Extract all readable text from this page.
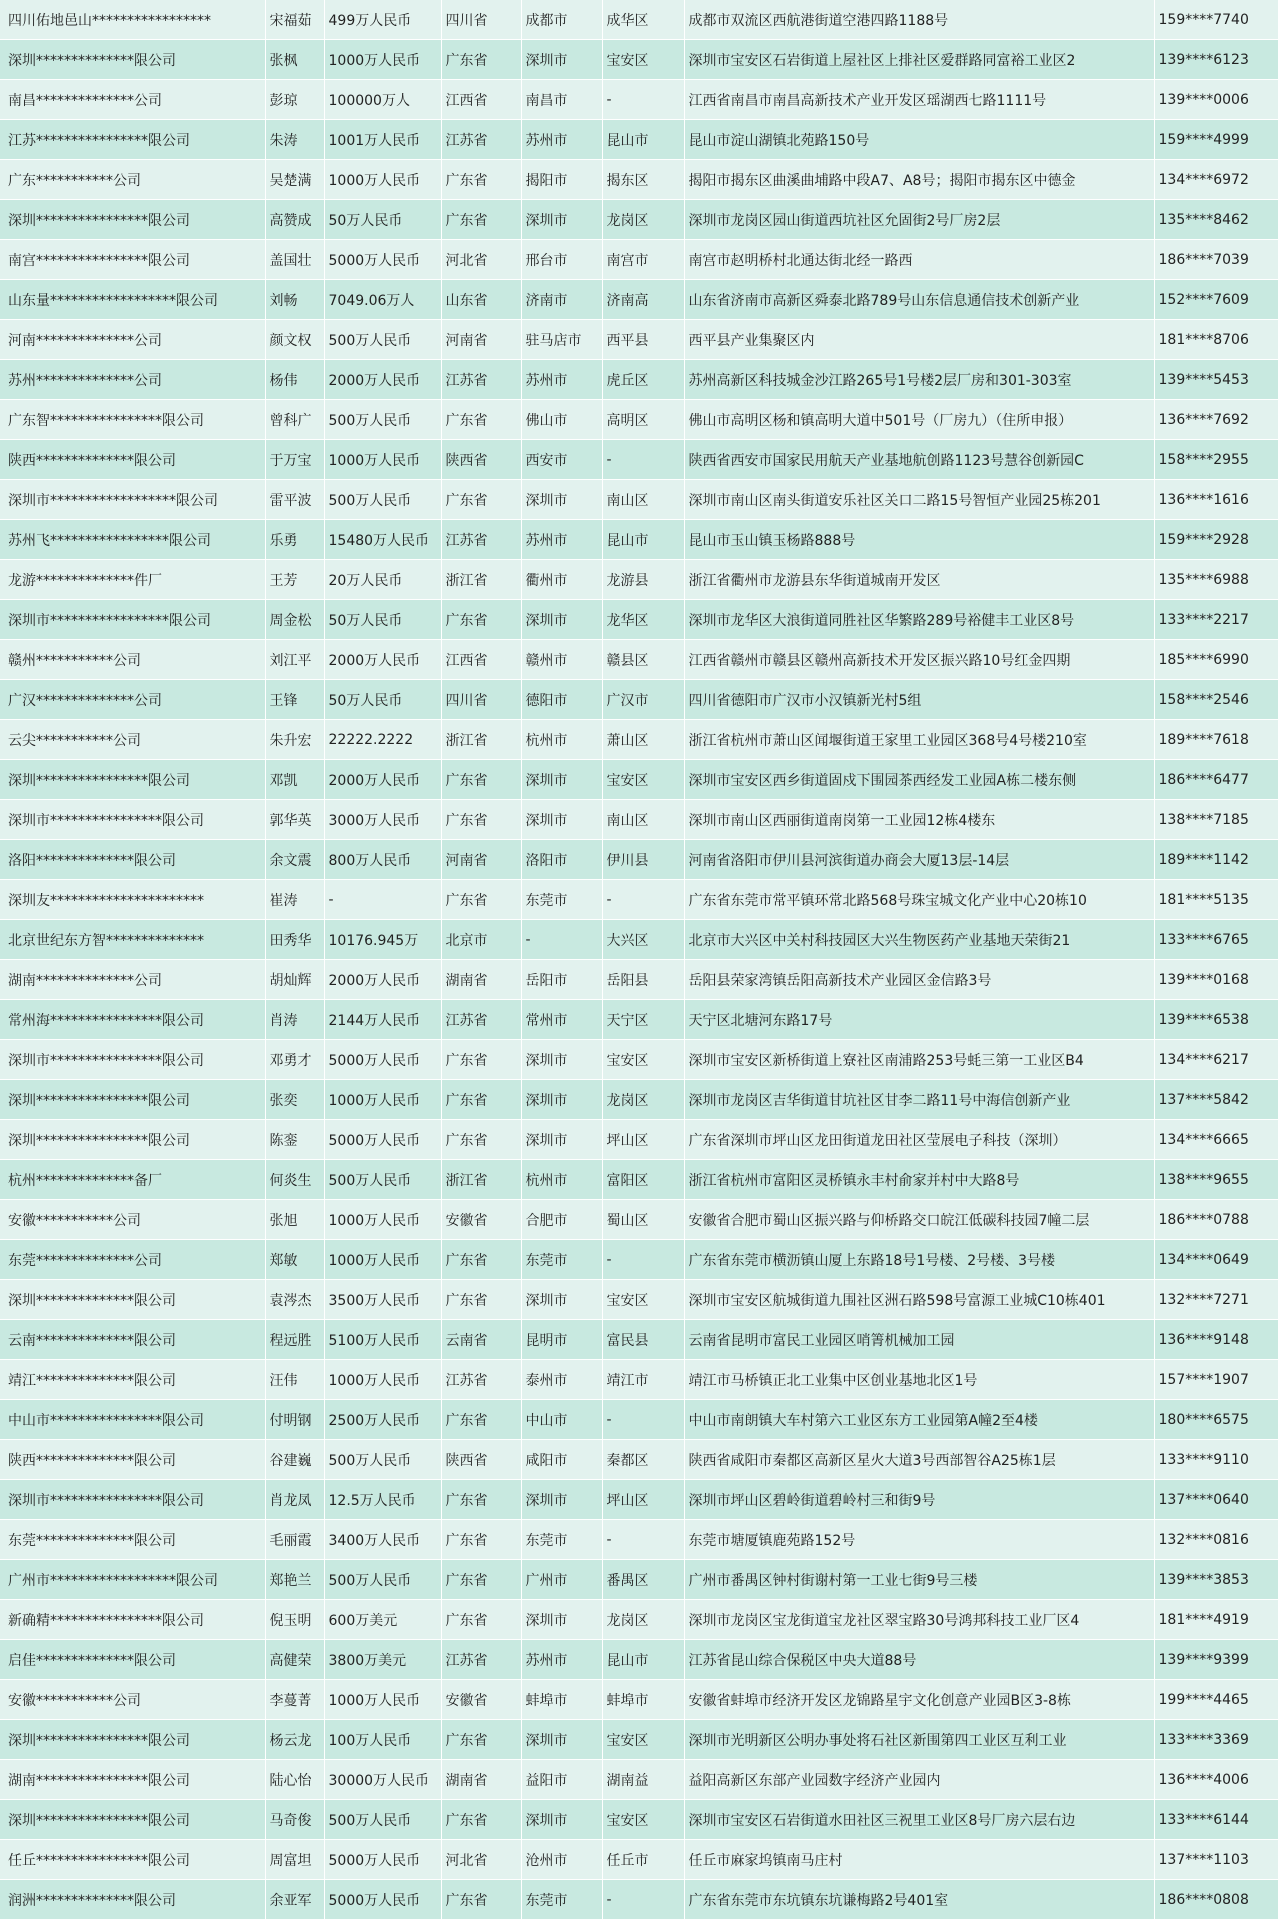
四川佑地邑山*****************	宋福茹	499万人民币	四川省	成都市	成华区	成都市双流区西航港街道空港四路1188号	159****7740
深圳**************限公司	张枫	1000万人民币	广东省	深圳市	宝安区	深圳市宝安区石岩街道上屋社区上排社区爱群路同富裕工业区2	139****6123
南昌**************公司	彭琼	100000万人	江西省	南昌市	-	江西省南昌市南昌高新技术产业开发区瑶湖西七路1111号	139****0006
江苏****************限公司	朱涛	1001万人民币	江苏省	苏州市	昆山市	昆山市淀山湖镇北苑路150号	159****4999
广东***********公司	吴楚满	1000万人民币	广东省	揭阳市	揭东区	揭阳市揭东区曲溪曲埔路中段A7、A8号；揭阳市揭东区中德金	134****6972
深圳****************限公司	高赞成	50万人民币	广东省	深圳市	龙岗区	深圳市龙岗区园山街道西坑社区允固街2号厂房2层	135****8462
南宫****************限公司	盖国壮	5000万人民币	河北省	邢台市	南宫市	南宫市赵明桥村北通达街北经一路西	186****7039
山东量******************限公司	刘畅	7049.06万人	山东省	济南市	济南高	山东省济南市高新区舜泰北路789号山东信息通信技术创新产业	152****7609
河南**************公司	颜文权	500万人民币	河南省	驻马店市	西平县	西平县产业集聚区内	181****8706
苏州**************公司	杨伟	2000万人民币	江苏省	苏州市	虎丘区	苏州高新区科技城金沙江路265号1号楼2层厂房和301-303室	139****5453
广东智****************限公司	曾科广	500万人民币	广东省	佛山市	高明区	佛山市高明区杨和镇高明大道中501号（厂房九）（住所申报）	136****7692
陕西**************限公司	于万宝	1000万人民币	陕西省	西安市	-	陕西省西安市国家民用航天产业基地航创路1123号慧谷创新园C	158****2955
深圳市******************限公司	雷平波	500万人民币	广东省	深圳市	南山区	深圳市南山区南头街道安乐社区关口二路15号智恒产业园25栋201	136****1616
苏州飞*****************限公司	乐勇	15480万人民币	江苏省	苏州市	昆山市	昆山市玉山镇玉杨路888号	159****2928
龙游**************件厂	王芳	20万人民币	浙江省	衢州市	龙游县	浙江省衢州市龙游县东华街道城南开发区	135****6988
深圳市*****************限公司	周金松	50万人民币	广东省	深圳市	龙华区	深圳市龙华区大浪街道同胜社区华繁路289号裕健丰工业区8号	133****2217
赣州***********公司	刘江平	2000万人民币	江西省	赣州市	赣县区	江西省赣州市赣县区赣州高新技术开发区振兴路10号红金四期	185****6990
广汉**************公司	王锋	50万人民币	四川省	德阳市	广汉市	四川省德阳市广汉市小汉镇新光村5组	158****2546
云尖***********公司	朱升宏	22222.2222	浙江省	杭州市	萧山区	浙江省杭州市萧山区闻堰街道王家里工业园区368号4号楼210室	189****7618
深圳****************限公司	邓凯	2000万人民币	广东省	深圳市	宝安区	深圳市宝安区西乡街道固戍下围园茶西经发工业园A栋二楼东侧	186****6477
深圳市****************限公司	郭华英	3000万人民币	广东省	深圳市	南山区	深圳市南山区西丽街道南岗第一工业园12栋4楼东	138****7185
洛阳**************限公司	余文震	800万人民币	河南省	洛阳市	伊川县	河南省洛阳市伊川县河滨街道办商会大厦13层-14层	189****1142
深圳友**********************	崔涛	-	广东省	东莞市	-	广东省东莞市常平镇环常北路568号珠宝城文化产业中心20栋10	181****5135
北京世纪东方智**************	田秀华	10176.945万	北京市	-	大兴区	北京市大兴区中关村科技园区大兴生物医药产业基地天荣街21	133****6765
湖南**************公司	胡灿辉	2000万人民币	湖南省	岳阳市	岳阳县	岳阳县荣家湾镇岳阳高新技术产业园区金信路3号	139****0168
常州海****************限公司	肖涛	2144万人民币	江苏省	常州市	天宁区	天宁区北塘河东路17号	139****6538
深圳市****************限公司	邓勇才	5000万人民币	广东省	深圳市	宝安区	深圳市宝安区新桥街道上寮社区南浦路253号蚝三第一工业区B4	134****6217
深圳****************限公司	张奕	1000万人民币	广东省	深圳市	龙岗区	深圳市龙岗区吉华街道甘坑社区甘李二路11号中海信创新产业	137****5842
深圳****************限公司	陈銮	5000万人民币	广东省	深圳市	坪山区	广东省深圳市坪山区龙田街道龙田社区莹展电子科技（深圳）	134****6665
杭州**************备厂	何炎生	500万人民币	浙江省	杭州市	富阳区	浙江省杭州市富阳区灵桥镇永丰村俞家并村中大路8号	138****9655
安徽***********公司	张旭	1000万人民币	安徽省	合肥市	蜀山区	安徽省合肥市蜀山区振兴路与仰桥路交口皖江低碳科技园7幢二层	186****0788
东莞**************公司	郑敏	1000万人民币	广东省	东莞市	-	广东省东莞市横沥镇山厦上东路18号1号楼、2号楼、3号楼	134****0649
深圳**************限公司	袁涔杰	3500万人民币	广东省	深圳市	宝安区	深圳市宝安区航城街道九围社区洲石路598号富源工业城C10栋401	132****7271
云南**************限公司	程远胜	5100万人民币	云南省	昆明市	富民县	云南省昆明市富民工业园区哨箐机械加工园	136****9148
靖江**************限公司	汪伟	1000万人民币	江苏省	泰州市	靖江市	靖江市马桥镇正北工业集中区创业基地北区1号	157****1907
中山市****************限公司	付明钢	2500万人民币	广东省	中山市	-	中山市南朗镇大车村第六工业区东方工业园第A幢2至4楼	180****6575
陕西**************限公司	谷建巍	500万人民币	陕西省	咸阳市	秦都区	陕西省咸阳市秦都区高新区星火大道3号西部智谷A25栋1层	133****9110
深圳市****************限公司	肖龙凤	12.5万人民币	广东省	深圳市	坪山区	深圳市坪山区碧岭街道碧岭村三和街9号	137****0640
东莞**************限公司	毛丽霞	3400万人民币	广东省	东莞市	-	东莞市塘厦镇鹿苑路152号	132****0816
广州市******************限公司	郑艳兰	500万人民币	广东省	广州市	番禺区	广州市番禺区钟村街谢村第一工业七街9号三楼	139****3853
新确精****************限公司	倪玉明	600万美元	广东省	深圳市	龙岗区	深圳市龙岗区宝龙街道宝龙社区翠宝路30号鸿邦科技工业厂区4	181****4919
启佳**************限公司	高健荣	3800万美元	江苏省	苏州市	昆山市	江苏省昆山综合保税区中央大道88号	139****9399
安徽***********公司	李蔓菁	1000万人民币	安徽省	蚌埠市	蚌埠市	安徽省蚌埠市经济开发区龙锦路星宇文化创意产业园B区3-8栋	199****4465
深圳****************限公司	杨云龙	100万人民币	广东省	深圳市	宝安区	深圳市光明新区公明办事处将石社区新围第四工业区互利工业	133****3369
湖南****************限公司	陆心怡	30000万人民币	湖南省	益阳市	湖南益	益阳高新区东部产业园数字经济产业园内	136****4006
深圳****************限公司	马奇俊	500万人民币	广东省	深圳市	宝安区	深圳市宝安区石岩街道水田社区三祝里工业区8号厂房六层右边	133****6144
任丘****************限公司	周富坦	5000万人民币	河北省	沧州市	任丘市	任丘市麻家坞镇南马庄村	137****1103
润洲**************限公司	余亚军	5000万人民币	广东省	东莞市	-	广东省东莞市东坑镇东坑谦梅路2号401室	186****0808
